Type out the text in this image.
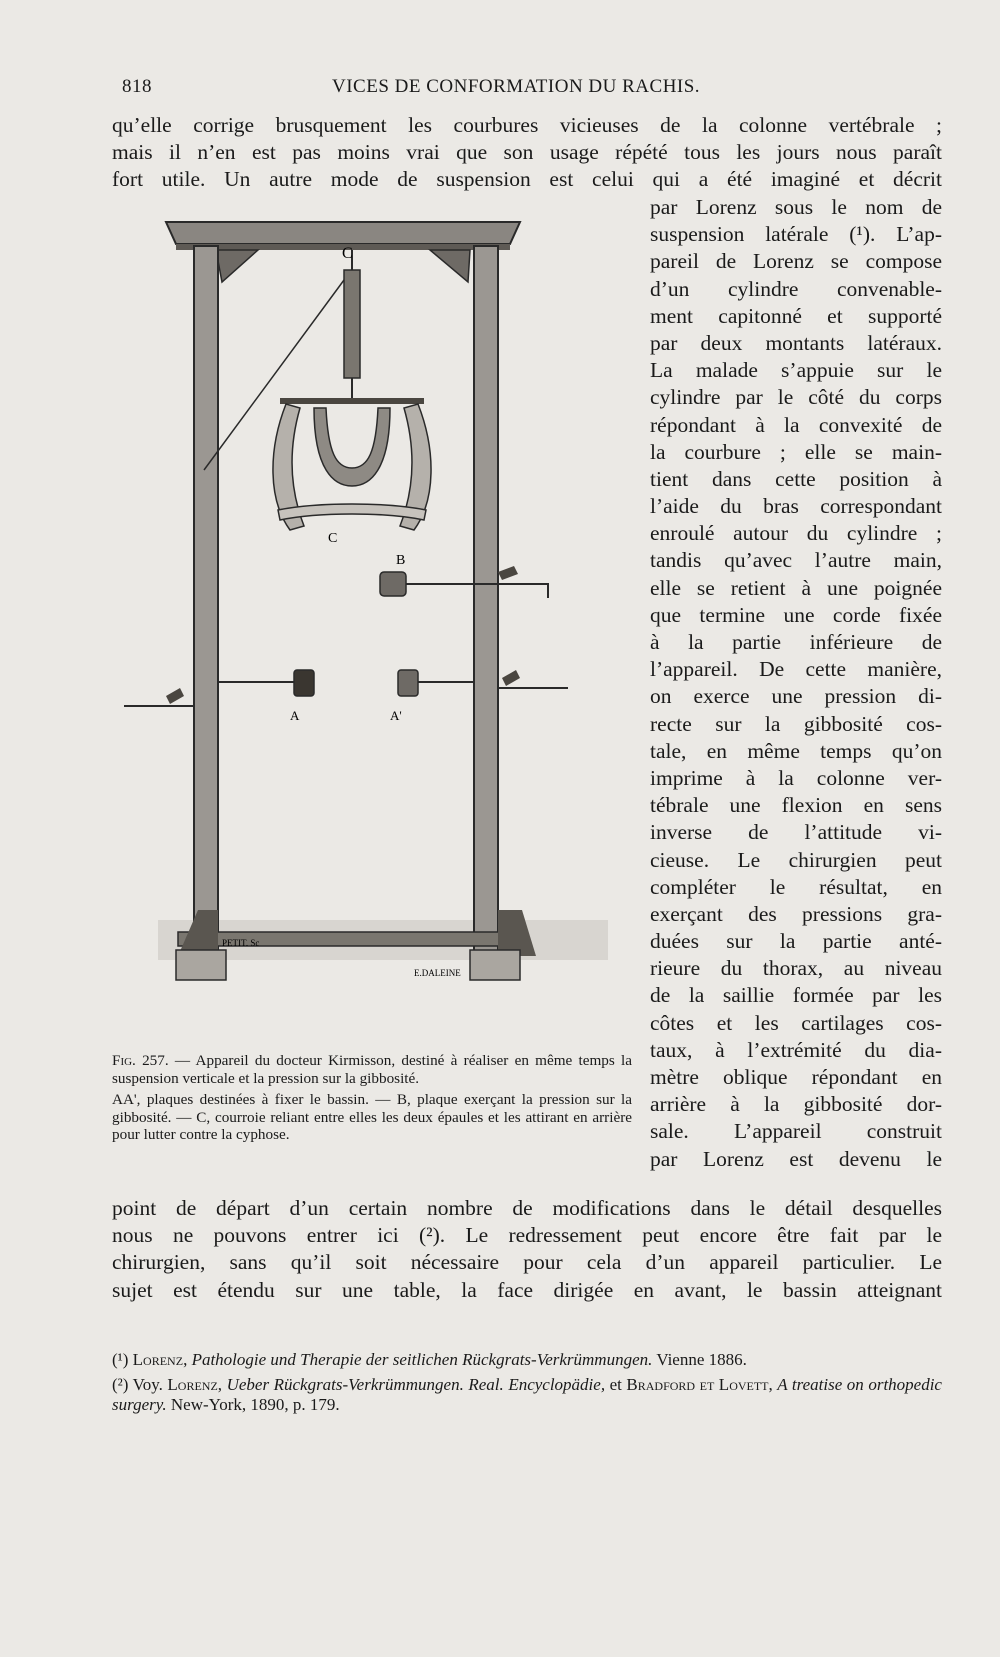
818	VICES DE CONFORMATION DU RACHIS.
qu’elle corrige brusquement les courbures vicieuses de la colonne vertébrale ;
mais il n’en est pas moins vrai que son usage répété tous les jours nous paraît
fort utile. Un autre mode de suspension est celui qui a été imaginé et décrit
par Lorenz sous le nom de
suspension latérale (¹). L’ap-
pareil de Lorenz se compose
d’un cylindre convenable-
ment capitonné et supporté
par deux montants latéraux.
La malade s’appuie sur le
cylindre par le côté du corps
répondant à la convexité de
la courbure ; elle se main-
tient dans cette position à
l’aide du bras correspondant
enroulé autour du cylindre ;
tandis qu’avec l’autre main,
elle se retient à une poignée
que termine une corde fixée
à la partie inférieure de
l’appareil. De cette manière,
on exerce une pression di-
recte sur la gibbosité cos-
tale, en même temps qu’on
imprime à la colonne ver-
tébrale une flexion en sens
inverse de l’attitude vi-
cieuse. Le chirurgien peut
compléter le résultat, en
exerçant des pressions gra-
duées sur la partie anté-
rieure du thorax, au niveau
de la saillie formée par les
côtes et les cartilages cos-
taux, à l’extrémité du dia-
mètre oblique répondant en
arrière à la gibbosité dor-
sale. L’appareil construit
par Lorenz est devenu le
C
C
B
A	A'
PETIT. Sc
E.DALEINE

Fig. 257. — Appareil du docteur Kirmisson, destiné à réaliser en même temps la suspension verticale et la pression sur la gibbosité.

AA', plaques destinées à fixer le bassin. — B, plaque exerçant la pression sur la gibbosité. — C, courroie reliant entre elles les deux épaules et les attirant en arrière pour lutter contre la cyphose.

point de départ d’un certain nombre de modifications dans le détail desquelles
nous ne pouvons entrer ici (²). Le redressement peut encore être fait par le
chirurgien, sans qu’il soit nécessaire pour cela d’un appareil particulier. Le
sujet est étendu sur une table, la face dirigée en avant, le bassin atteignant

(¹) Lorenz, Pathologie und Therapie der seitlichen Rückgrats-Verkrümmungen. Vienne 1886.

(²) Voy. Lorenz, Ueber Rückgrats-Verkrümmungen. Real. Encyclopädie, et Bradford et Lovett, A treatise on orthopedic surgery. New-York, 1890, p. 179.
